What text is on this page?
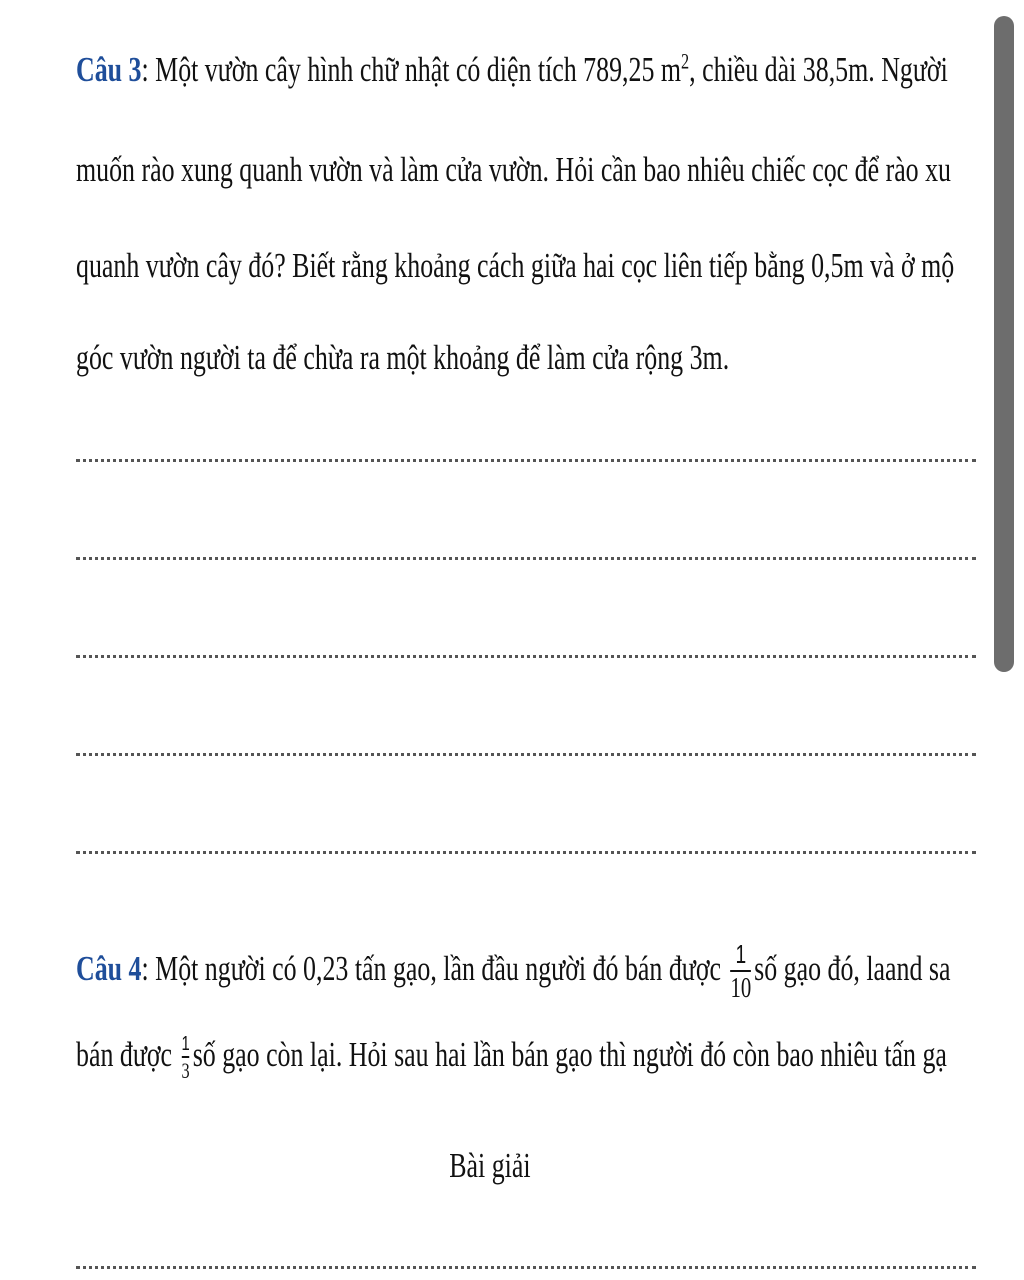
Câu 3: Một vườn cây hình chữ nhật có diện tích 789,25 $m^2$, chiều dài 38,5m. Người
muốn rào xung quanh vườn và làm cửa vườn. Hỏi cần bao nhiêu chiếc cọc để rào xu
quanh vườn cây đó? Biết rằng khoảng cách giữa hai cọc liên tiếp bằng 0,5m và ở mộ
góc vườn người ta để chừa ra một khoảng để làm cửa rộng 3m.
Câu 4: Một người có 0,23 tấn gạo, lần đầu người đó bán được $\frac{1}{10}$ số gạo đó, laand sa
bán được $\frac{1}{3}$ số gạo còn lại. Hỏi sau hai lần bán gạo thì người đó còn bao nhiêu tấn gạ
Bài giải
